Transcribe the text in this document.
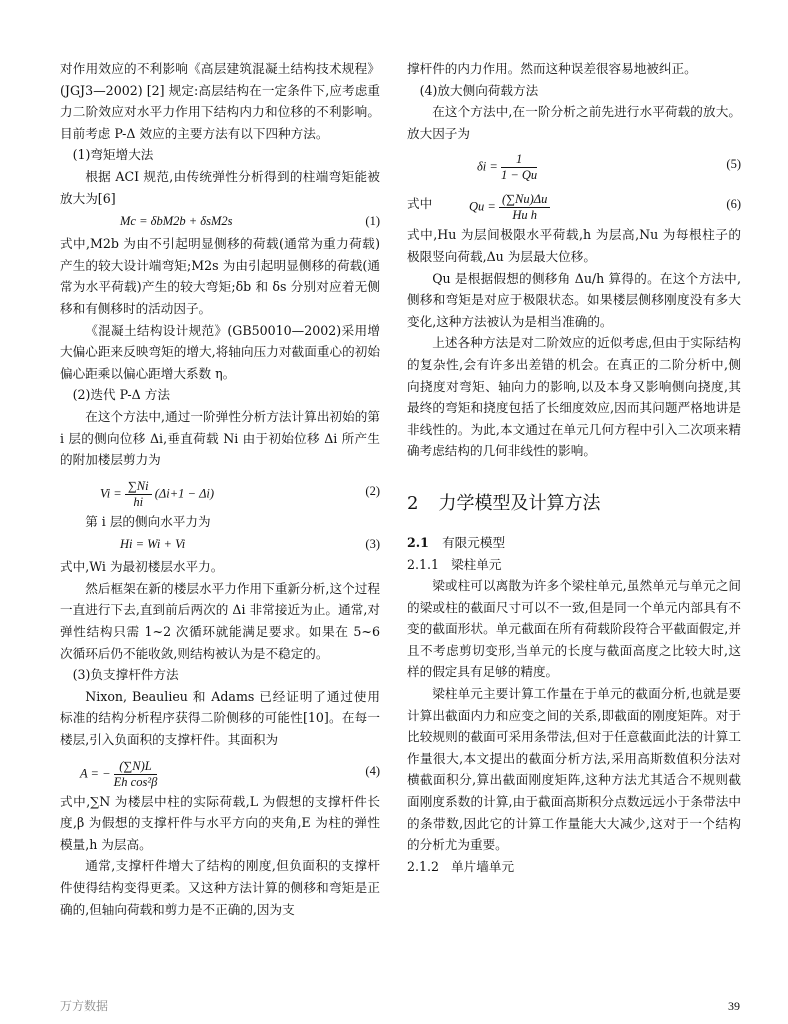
对作用效应的不利影响《高层建筑混凝土结构技术规程》(JGJ3—2002) [2] 规定:高层结构在一定条件下,应考虑重力二阶效应对水平力作用下结构内力和位移的不利影响。目前考虑 P-Δ 效应的主要方法有以下四种方法。

(1)弯矩增大法

根据 ACI 规范,由传统弹性分析得到的柱端弯矩能被放大为[6]

Mc = δbM2b + δsM2s	(1)

式中,M2b 为由不引起明显侧移的荷载(通常为重力荷载)产生的较大设计端弯矩;M2s 为由引起明显侧移的荷载(通常为水平荷载)产生的较大弯矩;δb 和 δs 分别对应着无侧移和有侧移时的活动因子。

《混凝土结构设计规范》(GB50010—2002)采用增大偏心距来反映弯矩的增大,将轴向压力对截面重心的初始偏心距乘以偏心距增大系数 η。

(2)迭代 P-Δ 方法

在这个方法中,通过一阶弹性分析方法计算出初始的第 i 层的侧向位移 Δi,垂直荷载 Ni 由于初始位移 Δi 所产生的附加楼层剪力为

$Vi = \frac{\sum Ni}{hi} (\Delta i+1 - \Delta i)$	(2)

第 i 层的侧向水平力为

Hi = Wi + Vi	(3)

式中,Wi 为最初楼层水平力。

然后框架在新的楼层水平力作用下重新分析,这个过程一直进行下去,直到前后两次的 Δi 非常接近为止。通常,对弹性结构只需 1~2 次循环就能满足要求。如果在 5~6 次循环后仍不能收敛,则结构被认为是不稳定的。

(3)负支撑杆件方法

Nixon, Beaulieu 和 Adams 已经证明了通过使用标准的结构分析程序获得二阶侧移的可能性[10]。在每一楼层,引入负面积的支撑杆件。其面积为

A = − $\frac{(\sum N)L}{\text{Eh cos²β}}$	(4)

式中,∑N 为楼层中柱的实际荷载,L 为假想的支撑杆件长度,β 为假想的支撑杆件与水平方向的夹角,E 为柱的弹性模量,h 为层高。

通常,支撑杆件增大了结构的刚度,但负面积的支撑杆件使得结构变得更柔。又这种方法计算的侧移和弯矩是正确的,但轴向荷载和剪力是不正确的,因为支

撑杆件的内力作用。然而这种误差很容易地被纠正。

(4)放大侧向荷载方法

在这个方法中,在一阶分析之前先进行水平荷载的放大。放大因子为

$\delta i = \frac{1}{1 - Qu}$	(5)
式中	$Qu = \frac{(\sum Nu)\Delta u}{\text{Hu h}}$	(6)

式中,Hu 为层间极限水平荷载,h 为层高,Nu 为每根柱子的极限竖向荷载,Δu 为层最大位移。

Qu 是根据假想的侧移角 Δu/h 算得的。在这个方法中,侧移和弯矩是对应于极限状态。如果楼层侧移刚度没有多大变化,这种方法被认为是相当准确的。

上述各种方法是对二阶效应的近似考虑,但由于实际结构的复杂性,会有许多出差错的机会。在真正的二阶分析中,侧向挠度对弯矩、轴向力的影响,以及本身又影响侧向挠度,其最终的弯矩和挠度包括了长细度效应,因而其问题严格地讲是非线性的。为此,本文通过在单元几何方程中引入二次项来精确考虑结构的几何非线性的影响。

2 力学模型及计算方法

2.1 有限元模型

2.1.1 梁柱单元

梁或柱可以离散为许多个梁柱单元,虽然单元与单元之间的梁或柱的截面尺寸可以不一致,但是同一个单元内部具有不变的截面形状。单元截面在所有荷载阶段符合平截面假定,并且不考虑剪切变形,当单元的长度与截面高度之比较大时,这样的假定具有足够的精度。

梁柱单元主要计算工作量在于单元的截面分析,也就是要计算出截面内力和应变之间的关系,即截面的刚度矩阵。对于比较规则的截面可采用条带法,但对于任意截面此法的计算工作量很大,本文提出的截面分析方法,采用高斯数值积分法对横截面积分,算出截面刚度矩阵,这种方法尤其适合不规则截面刚度系数的计算,由于截面高斯积分点数远远小于条带法中的条带数,因此它的计算工作量能大大减少,这对于一个结构的分析尤为重要。

2.1.2 单片墙单元

万方数据	39
